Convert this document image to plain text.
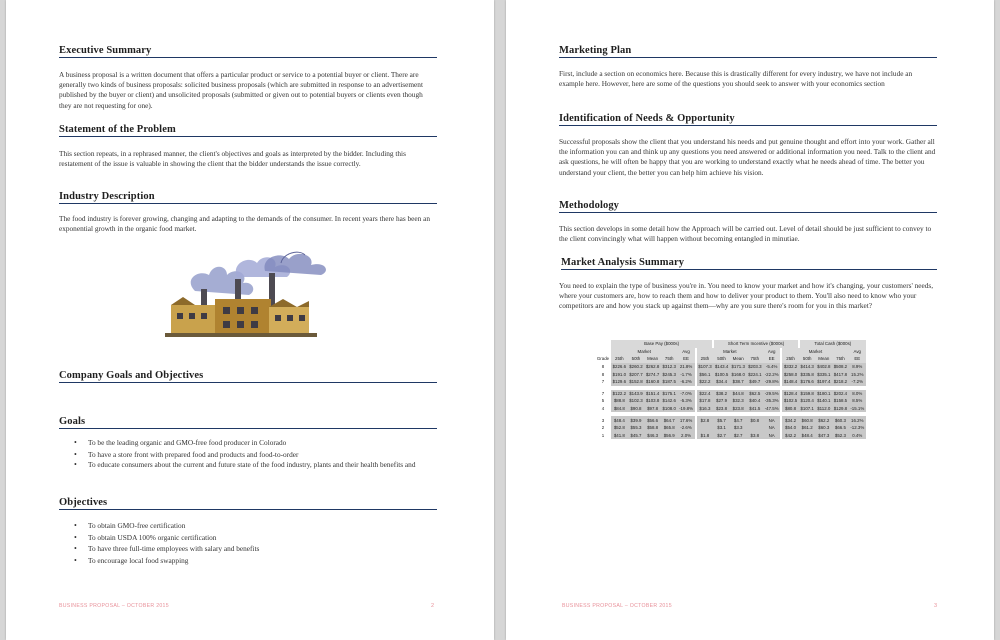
Executive Summary

A business proposal is a written document that offers a particular product or service to a potential buyer or client. There are generally two kinds of business proposals: solicited business proposals (which are submitted in response to an advertisement published by the buyer or client) and unsolicited proposals (submitted or given out to potential buyers or clients even though they are not requesting for one).

Statement of the Problem

This section repeats, in a rephrased manner, the client's objectives and goals as interpreted by the bidder. Including this restatement of the issue is valuable in showing the client that the bidder understands the issue correctly.

Industry Description

The food industry is forever growing, changing and adapting to the demands of the consumer. In recent years there has been an exponential growth in the organic food market.

Company Goals and Objectives
Goals
• To be the leading organic and GMO-free food producer in Colorado
• To have a store front with prepared food and products and food-to-order
• To educate consumers about the current and future state of the food industry, plants and their health benefits and
Objectives
• To obtain GMO-free certification
• To obtain USDA 100% organic certification
• To have three full-time employees with salary and benefits
• To encourage local food swapping
BUSINESS PROPOSAL – OCTOBER 2015	2
Marketing Plan

First, include a section on economics here. Because this is drastically different for every industry, we have not include an example here. However, here are some of the questions you should seek to answer with your economics section

Identification of Needs & Opportunity

Successful proposals show the client that you understand his needs and put genuine thought and effort into your work. Gather all the information you can and think up any questions you need answered or additional information you need. Talk to the client and ask questions, he will often be happy that you are working to understand exactly what he needs ahead of time. The better you understand your client, the better you can help him achieve his vision.

Methodology

This section develops in some detail how the Approach will be carried out. Level of detail should be just sufficient to convey to the client convincingly what will happen without becoming entangled in minutiae.

Market Analysis Summary

You need to explain the type of business you're in. You need to know your market and how it's changing, your customers' needs, where your customers are, how to reach them and how to deliver your product to them. You'll also need to know who your competitors are and how you stack up against them—why are you sure there's room for you in this market?

	Base Pay ($000s)						Short Term Incentive ($000s)					Total Cash ($000s)			
	Market				Avg	Market				Avg	Market				Avg
Grade	25th	50th	Mean	75th	EE	25th	50th	Mean	75th	EE	25th	50th	Mean	75th	EE
8	$226.6	$260.2	$262.8	$312.3	21.8%	$107.3	$143.4	$171.3	$203.3	-5.4%	$332.2	$414.3	$402.8	$508.2	8.9%
8	$191.0	$207.7	$274.7	$245.3	-1.7%	$56.1	$100.5	$168.0	$224.1	-22.2%	$258.0	$335.8	$335.1	$417.8	15.2%
7	$129.6	$152.8	$160.8	$187.5	-6.2%	$22.2	$34.4	$38.7	$49.7	-29.8%	$148.4	$176.6	$197.4	$218.2	-7.2%

7	$122.2	$143.9	$151.4	$175.1	-7.0%	$22.4	$38.2	$44.8	$62.5	-29.5%	$128.4	$159.8	$180.1	$202.4	8.0%
5	$88.8	$102.3	$103.8	$142.6	-5.3%	$17.8	$27.9	$32.3	$40.4	-35.3%	$102.5	$120.4	$140.1	$158.5	8.5%
4	$84.8	$90.8	$97.8	$108.0	-19.8%	$16.3	$23.8	$23.8	$41.5	-47.5%	$80.8	$107.1	$112.0	$129.8	-15.1%

3	$48.4	$39.9	$56.6	$64.7	17.6%	$2.8	$5.7	$4.7	$0.8	NA	$34.2	$60.8	$62.2	$60.3	16.2%
2	$52.8	$55.3	$58.8	$65.8	-2.6%		$3.1	$3.3		NA	$54.0	$61.2	$60.3	$66.5	-12.3%
1	$41.8	$45.7	$46.3	$56.9	2.0%	$1.8	$2.7	$2.7	$3.8	NA	$42.2	$48.4	$47.3	$52.3	0.4%
BUSINESS PROPOSAL – OCTOBER 2015	3
